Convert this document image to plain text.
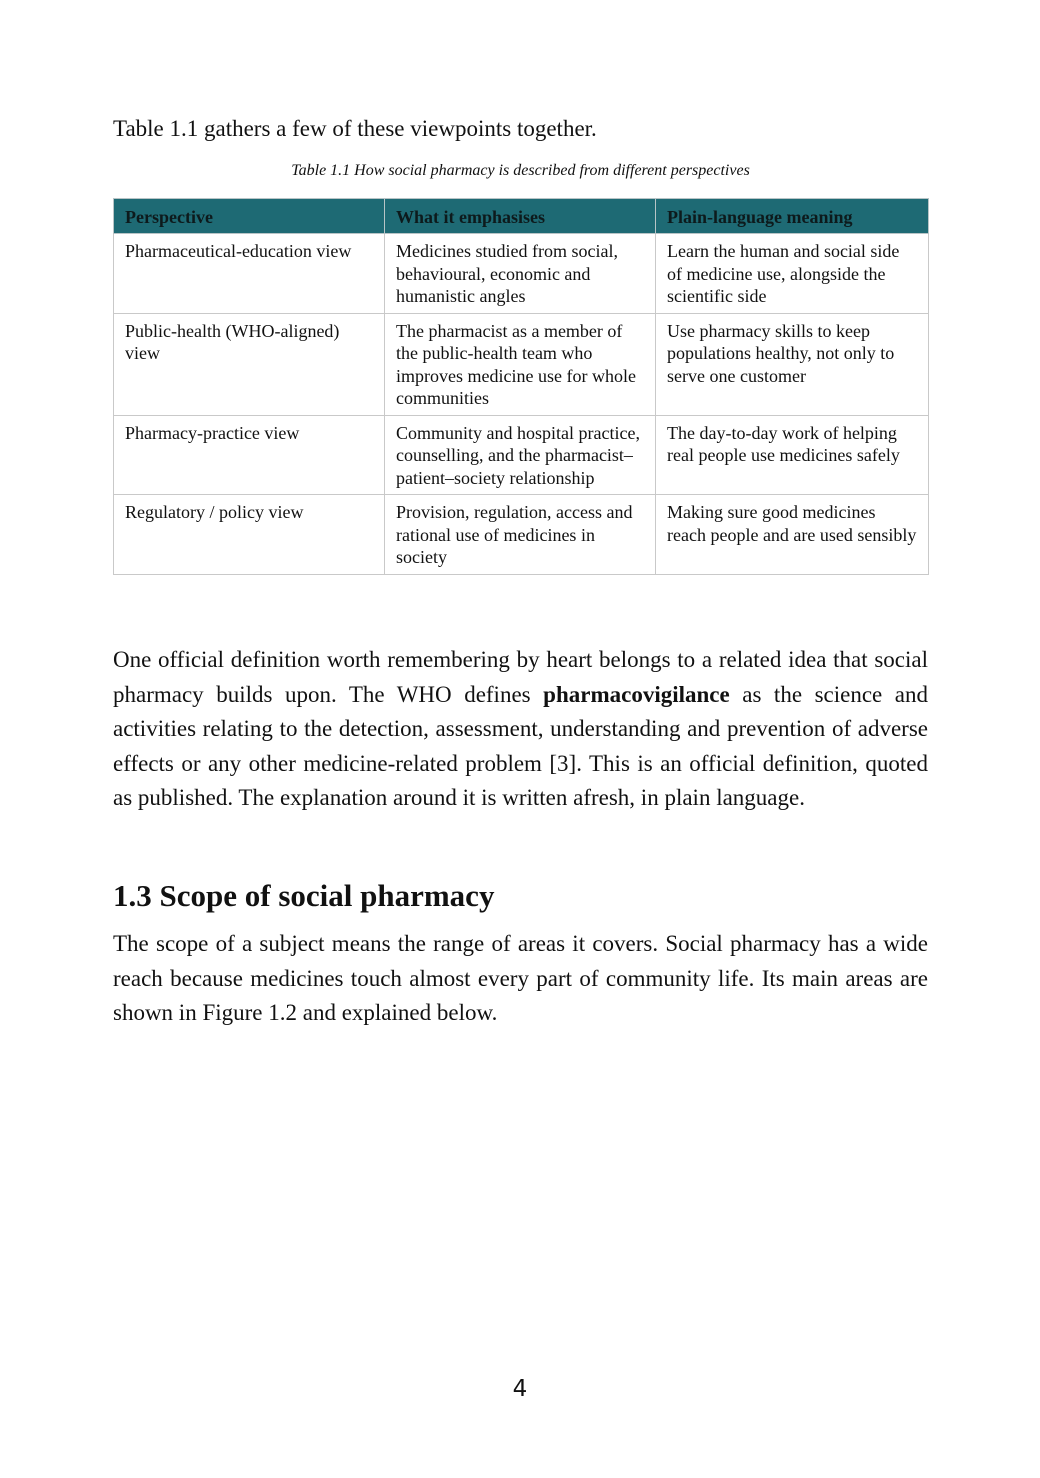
Table 1.1 gathers a few of these viewpoints together.

Table 1.1 How social pharmacy is described from different perspectives

Perspective	What it emphasises	Plain-language meaning
Pharmaceutical-education view	Medicines studied from social, behavioural, economic and humanistic angles	Learn the human and social side of medicine use, alongside the scientific side
Public-health (WHO-aligned) view	The pharmacist as a member of the public-health team who improves medicine use for whole communities	Use pharmacy skills to keep populations healthy, not only to serve one customer
Pharmacy-practice view	Community and hospital practice, counselling, and the pharmacist–patient–society relationship	The day-to-day work of helping real people use medicines safely
Regulatory / policy view	Provision, regulation, access and rational use of medicines in society	Making sure good medicines reach people and are used sensibly

One official definition worth remembering by heart belongs to a related idea that social pharmacy builds upon. The WHO defines pharmacovigilance as the science and activities relating to the detection, assessment, understanding and prevention of adverse effects or any other medicine-related problem [3]. This is an official definition, quoted as published. The explanation around it is written afresh, in plain language.

1.3 Scope of social pharmacy

The scope of a subject means the range of areas it covers. Social pharmacy has a wide reach because medicines touch almost every part of community life. Its main areas are shown in Figure 1.2 and explained below.

4
